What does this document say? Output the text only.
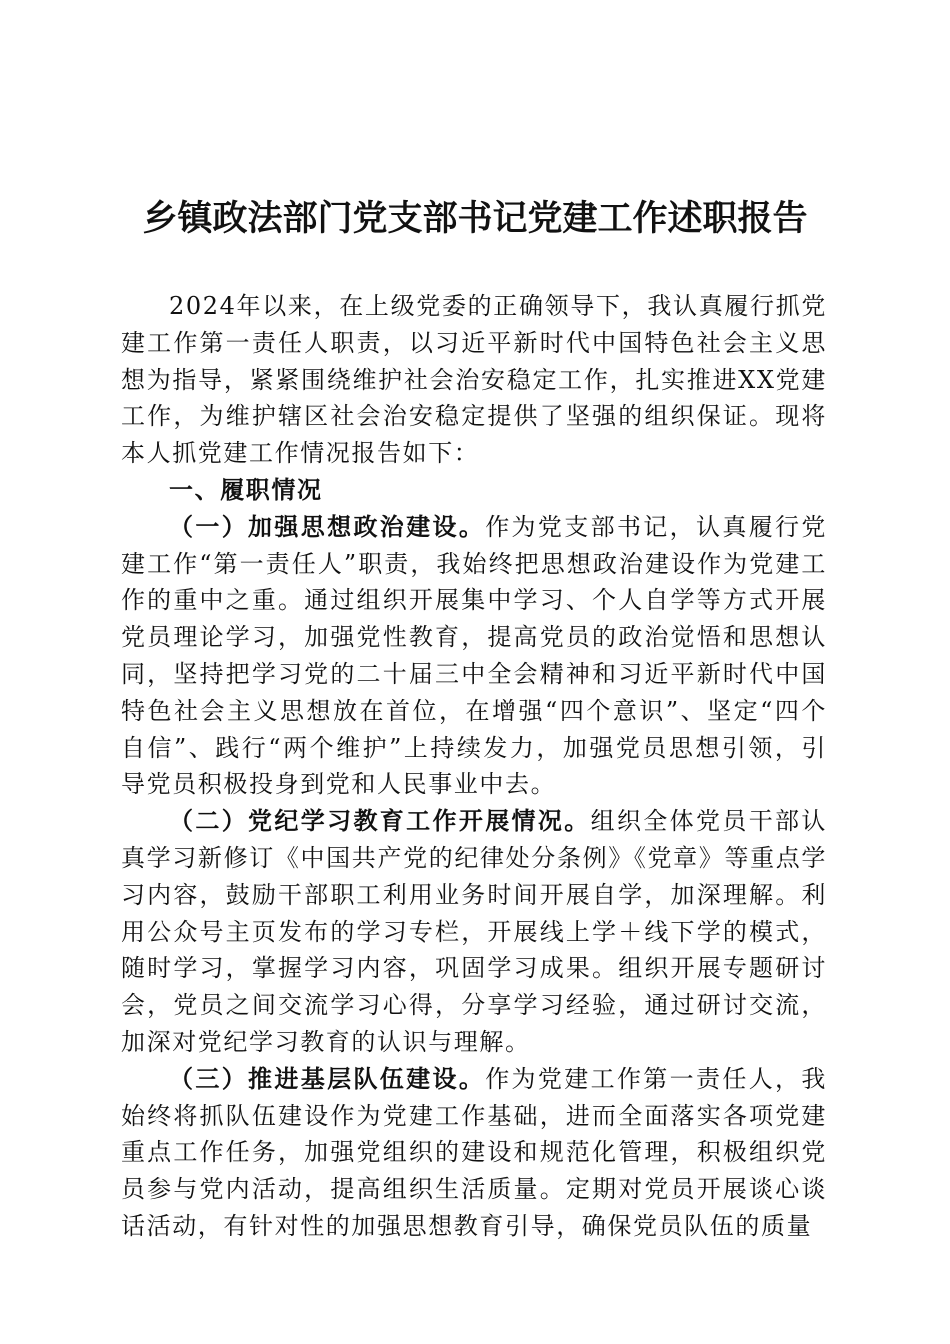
乡镇政法部门党支部书记党建工作述职报告

2024年以来，在上级党委的正确领导下，我认真履行抓党建工作第一责任人职责，以习近平新时代中国特色社会主义思想为指导，紧紧围绕维护社会治安稳定工作，扎实推进XX党建工作，为维护辖区社会治安稳定提供了坚强的组织保证。现将本人抓党建工作情况报告如下：

一、履职情况

（一）加强思想政治建设。作为党支部书记，认真履行党建工作“第一责任人”职责，我始终把思想政治建设作为党建工作的重中之重。通过组织开展集中学习、个人自学等方式开展党员理论学习，加强党性教育，提高党员的政治觉悟和思想认同，坚持把学习党的二十届三中全会精神和习近平新时代中国特色社会主义思想放在首位，在增强“四个意识”、坚定“四个自信”、践行“两个维护”上持续发力，加强党员思想引领，引导党员积极投身到党和人民事业中去。

（二）党纪学习教育工作开展情况。组织全体党员干部认真学习新修订《中国共产党的纪律处分条例》《党章》等重点学习内容，鼓励干部职工利用业务时间开展自学，加深理解。利用公众号主页发布的学习专栏，开展线上学＋线下学的模式，随时学习，掌握学习内容，巩固学习成果。组织开展专题研讨会，党员之间交流学习心得，分享学习经验，通过研讨交流，加深对党纪学习教育的认识与理解。

（三）推进基层队伍建设。作为党建工作第一责任人，我始终将抓队伍建设作为党建工作基础，进而全面落实各项党建重点工作任务，加强党组织的建设和规范化管理，积极组织党员参与党内活动，提高组织生活质量。定期对党员开展谈心谈话活动，有针对性的加强思想教育引导，确保党员队伍的质量
